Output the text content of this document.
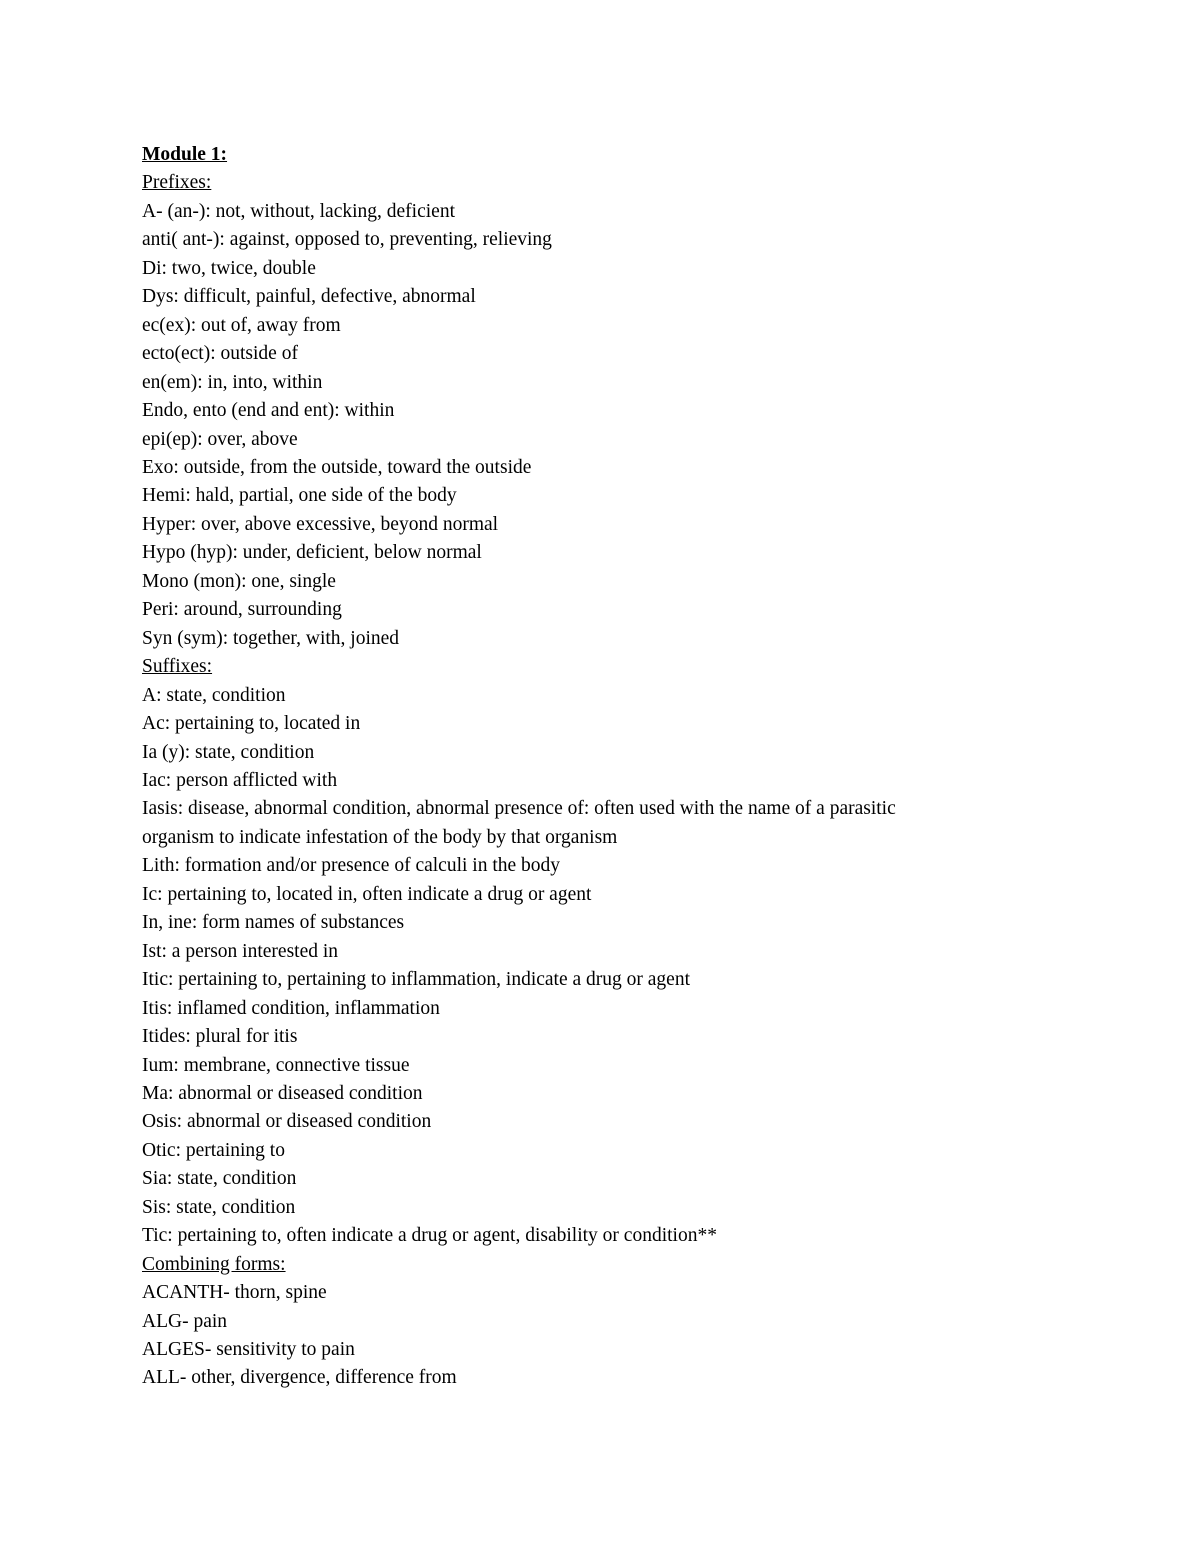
Module 1:

Prefixes:

A- (an-): not, without, lacking, deficient

anti( ant-): against, opposed to, preventing, relieving

Di: two, twice, double

Dys: difficult, painful, defective, abnormal

ec(ex): out of, away from

ecto(ect): outside of

en(em): in, into, within

Endo, ento (end and ent): within

epi(ep): over, above

Exo: outside, from the outside, toward the outside

Hemi: hald, partial, one side of the body

Hyper: over, above excessive, beyond normal

Hypo (hyp): under, deficient, below normal

Mono (mon): one, single

Peri: around, surrounding

Syn (sym): together, with, joined

Suffixes:

A: state, condition

Ac: pertaining to, located in

Ia (y): state, condition

Iac: person afflicted with

Iasis: disease, abnormal condition, abnormal presence of: often used with the name of a parasitic

organism to indicate infestation of the body by that organism

Lith: formation and/or presence of calculi in the body

Ic: pertaining to, located in, often indicate a drug or agent

In, ine: form names of substances

Ist: a person interested in

Itic: pertaining to, pertaining to inflammation, indicate a drug or agent

Itis: inflamed condition, inflammation

Itides: plural for itis

Ium: membrane, connective tissue

Ma: abnormal or diseased condition

Osis: abnormal or diseased condition

Otic: pertaining to

Sia: state, condition

Sis: state, condition

Tic: pertaining to, often indicate a drug or agent, disability or condition**

Combining forms:

ACANTH- thorn, spine

ALG- pain

ALGES- sensitivity to pain

ALL- other, divergence, difference from
